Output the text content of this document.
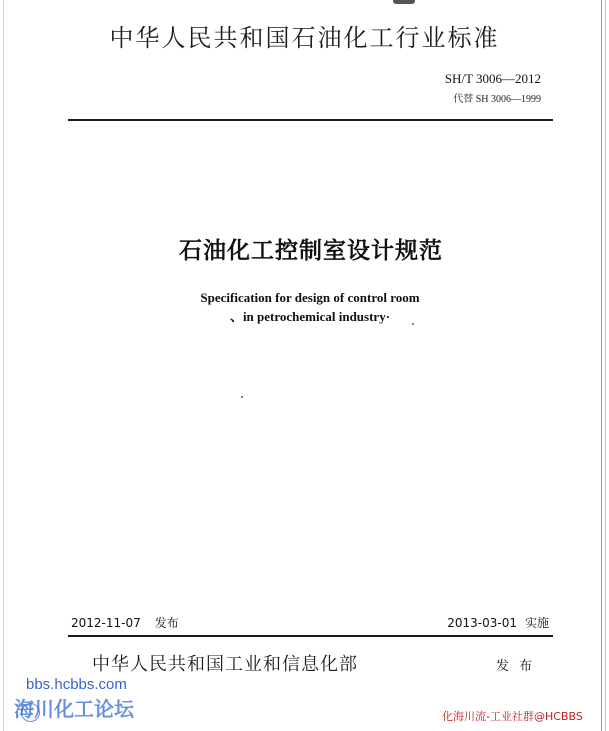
中华人民共和国石油化工行业标准
SH/T 3006—2012
代替 SH 3006—1999
石油化工控制室设计规范
Specification for design of control room
、in petrochemical industry·
2012-11-07 发布	2013-03-01 实施
中华人民共和国工业和信息化部	发 布
bbs.hcbbs.com
海川化工论坛	化海川流-工业社群@HCBBS
